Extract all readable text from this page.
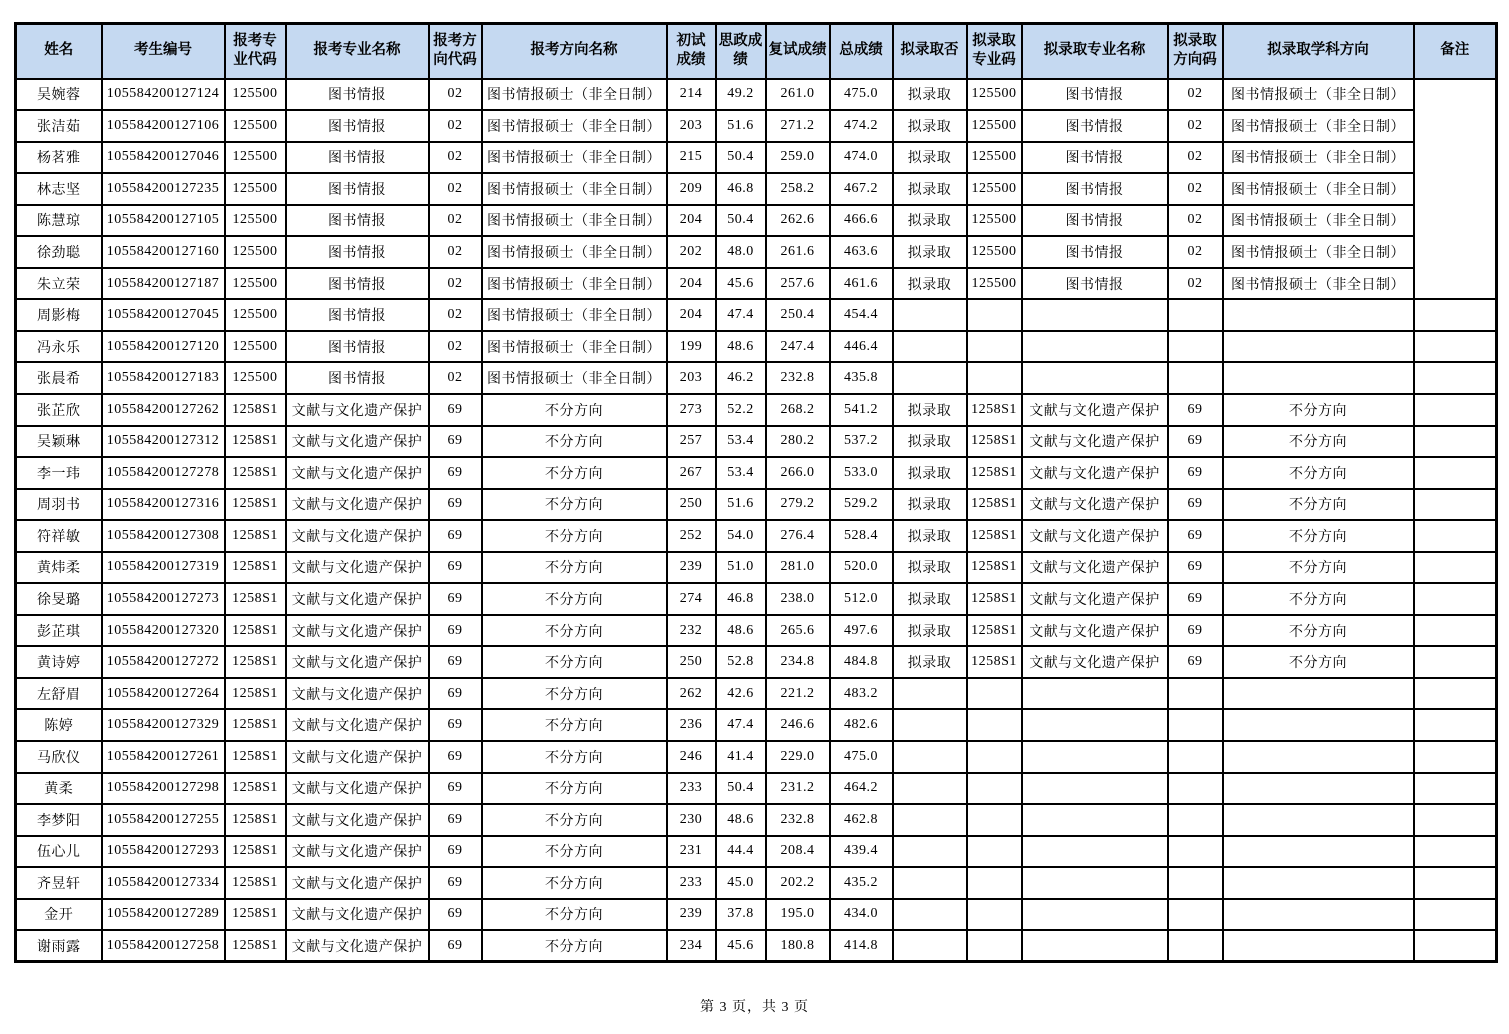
姓名	考生编号	报考专业代码	报考专业名称	报考方向代码	报考方向名称	初试成绩	思政成绩	复试成绩	总成绩	拟录取否	拟录取专业码	拟录取专业名称	拟录取方向码	拟录取学科方向	备注
吴婉蓉	105584200127124	125500	图书情报	02	图书情报硕士（非全日制）	214	49.2	261.0	475.0	拟录取	125500	图书情报	02	图书情报硕士（非全日制）	
张洁茹	105584200127106	125500	图书情报	02	图书情报硕士（非全日制）	203	51.6	271.2	474.2	拟录取	125500	图书情报	02	图书情报硕士（非全日制）	
杨茗雅	105584200127046	125500	图书情报	02	图书情报硕士（非全日制）	215	50.4	259.0	474.0	拟录取	125500	图书情报	02	图书情报硕士（非全日制）	
林志坚	105584200127235	125500	图书情报	02	图书情报硕士（非全日制）	209	46.8	258.2	467.2	拟录取	125500	图书情报	02	图书情报硕士（非全日制）	
陈慧琼	105584200127105	125500	图书情报	02	图书情报硕士（非全日制）	204	50.4	262.6	466.6	拟录取	125500	图书情报	02	图书情报硕士（非全日制）	
徐劲聪	105584200127160	125500	图书情报	02	图书情报硕士（非全日制）	202	48.0	261.6	463.6	拟录取	125500	图书情报	02	图书情报硕士（非全日制）	
朱立荣	105584200127187	125500	图书情报	02	图书情报硕士（非全日制）	204	45.6	257.6	461.6	拟录取	125500	图书情报	02	图书情报硕士（非全日制）	
周影梅	105584200127045	125500	图书情报	02	图书情报硕士（非全日制）	204	47.4	250.4	454.4						
冯永乐	105584200127120	125500	图书情报	02	图书情报硕士（非全日制）	199	48.6	247.4	446.4						
张晨希	105584200127183	125500	图书情报	02	图书情报硕士（非全日制）	203	46.2	232.8	435.8						
张芷欣	105584200127262	1258S1	文献与文化遗产保护	69	不分方向	273	52.2	268.2	541.2	拟录取	1258S1	文献与文化遗产保护	69	不分方向	
吴颖琳	105584200127312	1258S1	文献与文化遗产保护	69	不分方向	257	53.4	280.2	537.2	拟录取	1258S1	文献与文化遗产保护	69	不分方向	
李一玮	105584200127278	1258S1	文献与文化遗产保护	69	不分方向	267	53.4	266.0	533.0	拟录取	1258S1	文献与文化遗产保护	69	不分方向	
周羽书	105584200127316	1258S1	文献与文化遗产保护	69	不分方向	250	51.6	279.2	529.2	拟录取	1258S1	文献与文化遗产保护	69	不分方向	
符祥敏	105584200127308	1258S1	文献与文化遗产保护	69	不分方向	252	54.0	276.4	528.4	拟录取	1258S1	文献与文化遗产保护	69	不分方向	
黄炜柔	105584200127319	1258S1	文献与文化遗产保护	69	不分方向	239	51.0	281.0	520.0	拟录取	1258S1	文献与文化遗产保护	69	不分方向	
徐旻璐	105584200127273	1258S1	文献与文化遗产保护	69	不分方向	274	46.8	238.0	512.0	拟录取	1258S1	文献与文化遗产保护	69	不分方向	
彭芷琪	105584200127320	1258S1	文献与文化遗产保护	69	不分方向	232	48.6	265.6	497.6	拟录取	1258S1	文献与文化遗产保护	69	不分方向	
黄诗婷	105584200127272	1258S1	文献与文化遗产保护	69	不分方向	250	52.8	234.8	484.8	拟录取	1258S1	文献与文化遗产保护	69	不分方向	
左舒眉	105584200127264	1258S1	文献与文化遗产保护	69	不分方向	262	42.6	221.2	483.2						
陈婷	105584200127329	1258S1	文献与文化遗产保护	69	不分方向	236	47.4	246.6	482.6						
马欣仪	105584200127261	1258S1	文献与文化遗产保护	69	不分方向	246	41.4	229.0	475.0						
黄柔	105584200127298	1258S1	文献与文化遗产保护	69	不分方向	233	50.4	231.2	464.2						
李梦阳	105584200127255	1258S1	文献与文化遗产保护	69	不分方向	230	48.6	232.8	462.8						
伍心儿	105584200127293	1258S1	文献与文化遗产保护	69	不分方向	231	44.4	208.4	439.4						
齐昱轩	105584200127334	1258S1	文献与文化遗产保护	69	不分方向	233	45.0	202.2	435.2						
金开	105584200127289	1258S1	文献与文化遗产保护	69	不分方向	239	37.8	195.0	434.0						
谢雨露	105584200127258	1258S1	文献与文化遗产保护	69	不分方向	234	45.6	180.8	414.8						
第 3 页，共 3 页
